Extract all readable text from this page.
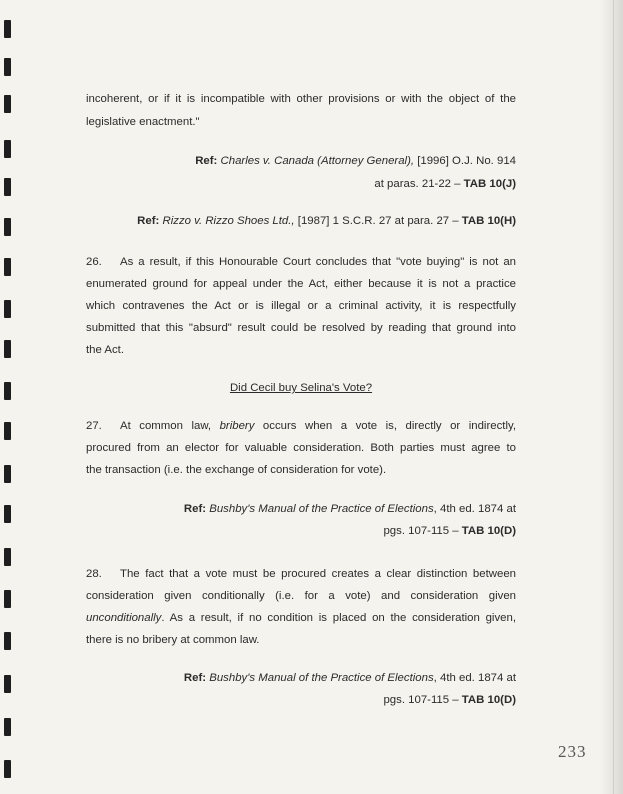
incoherent, or if it is incompatible with other provisions or with the object of the
legislative enactment."
Ref: Charles v. Canada (Attorney General), [1996] O.J. No. 914
at paras. 21-22 – TAB 10(J)
Ref: Rizzo v. Rizzo Shoes Ltd., [1987] 1 S.C.R. 27 at para. 27 – TAB 10(H)
26. As a result, if this Honourable Court concludes that "vote buying" is not an
enumerated ground for appeal under the Act, either because it is not a practice
which contravenes the Act or is illegal or a criminal activity, it is respectfully
submitted that this "absurd" result could be resolved by reading that ground into
the Act.
Did Cecil buy Selina's Vote?
27. At common law, bribery occurs when a vote is, directly or indirectly,
procured from an elector for valuable consideration. Both parties must agree to
the transaction (i.e. the exchange of consideration for vote).
Ref: Bushby's Manual of the Practice of Elections, 4th ed. 1874 at
pgs. 107-115 – TAB 10(D)
28. The fact that a vote must be procured creates a clear distinction between
consideration given conditionally (i.e. for a vote) and consideration given
unconditionally. As a result, if no condition is placed on the consideration given,
there is no bribery at common law.
Ref: Bushby's Manual of the Practice of Elections, 4th ed. 1874 at
pgs. 107-115 – TAB 10(D)
233
